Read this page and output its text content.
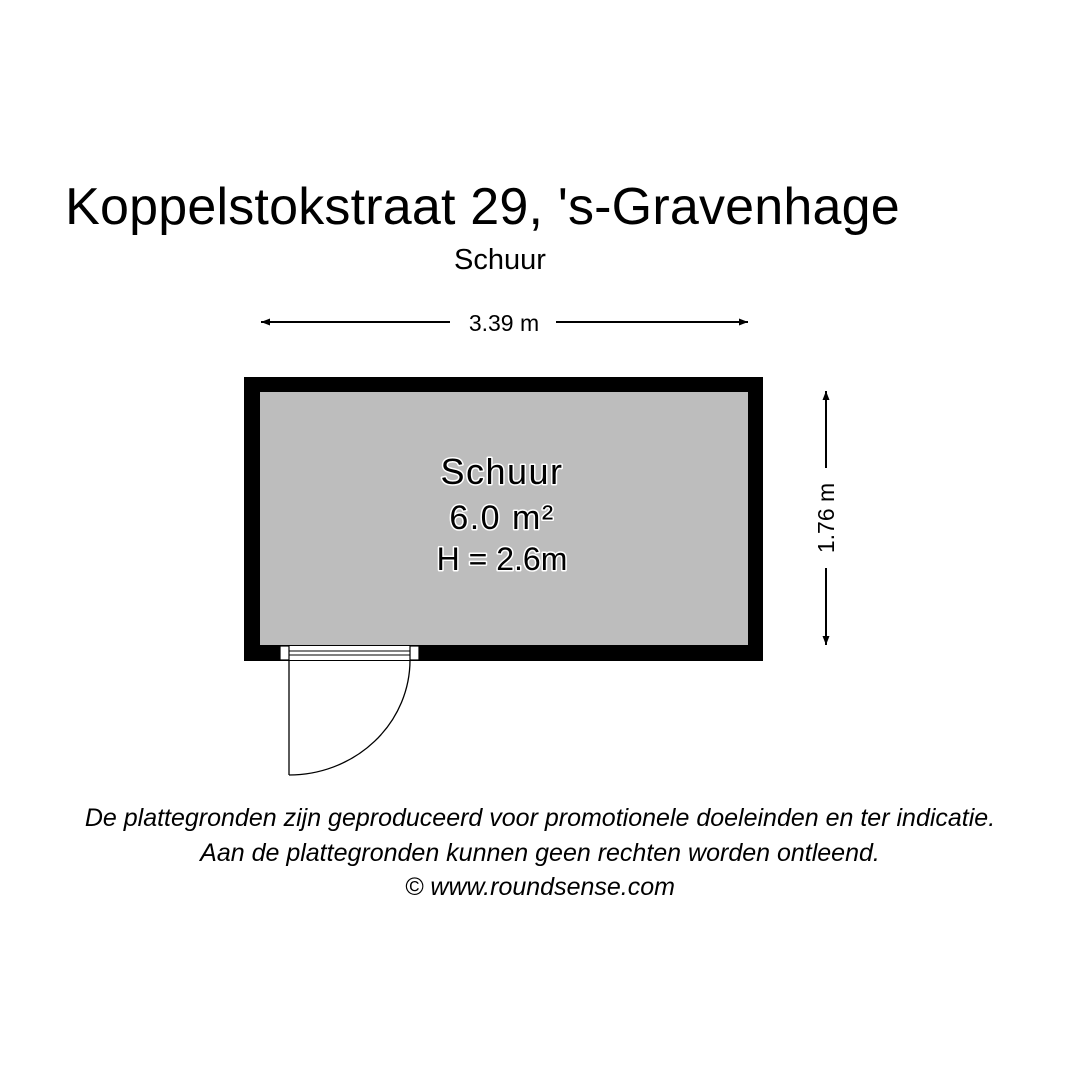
Koppelstokstraat 29, 's-Gravenhage
Schuur
3.39 m
1.76 m
Schuur
6.0 m²
H = 2.6m
De plattegronden zijn geproduceerd voor promotionele doeleinden en ter indicatie.
Aan de plattegronden kunnen geen rechten worden ontleend.
© www.roundsense.com
